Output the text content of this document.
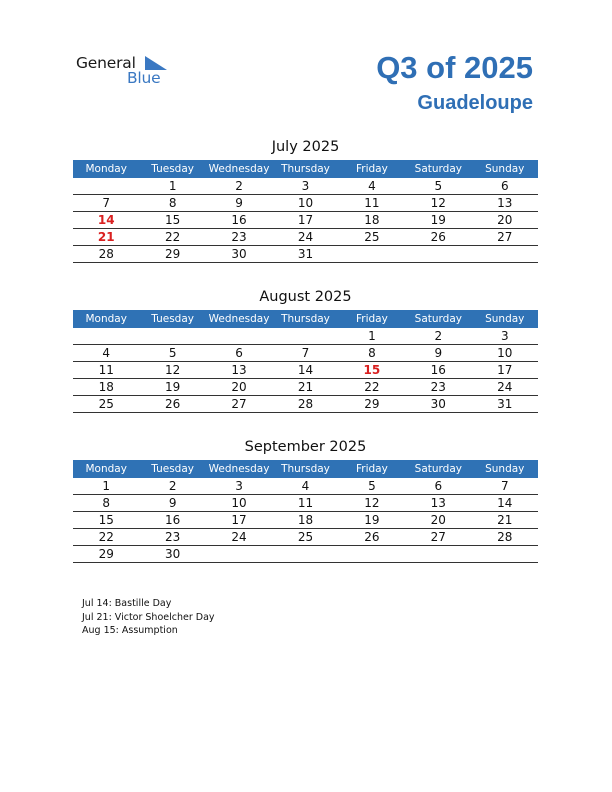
General
Blue	Q3 of 2025
Guadeloupe
July 2025
Monday	Tuesday	Wednesday	Thursday	Friday	Saturday	Sunday
	1	2	3	4	5	6
7	8	9	10	11	12	13
14	15	16	17	18	19	20
21	22	23	24	25	26	27
28	29	30	31			
August 2025
Monday	Tuesday	Wednesday	Thursday	Friday	Saturday	Sunday
				1	2	3
4	5	6	7	8	9	10
11	12	13	14	15	16	17
18	19	20	21	22	23	24
25	26	27	28	29	30	31
September 2025
Monday	Tuesday	Wednesday	Thursday	Friday	Saturday	Sunday
1	2	3	4	5	6	7
8	9	10	11	12	13	14
15	16	17	18	19	20	21
22	23	24	25	26	27	28
29	30					
Jul 14: Bastille Day
Jul 21: Victor Shoelcher Day
Aug 15: Assumption
